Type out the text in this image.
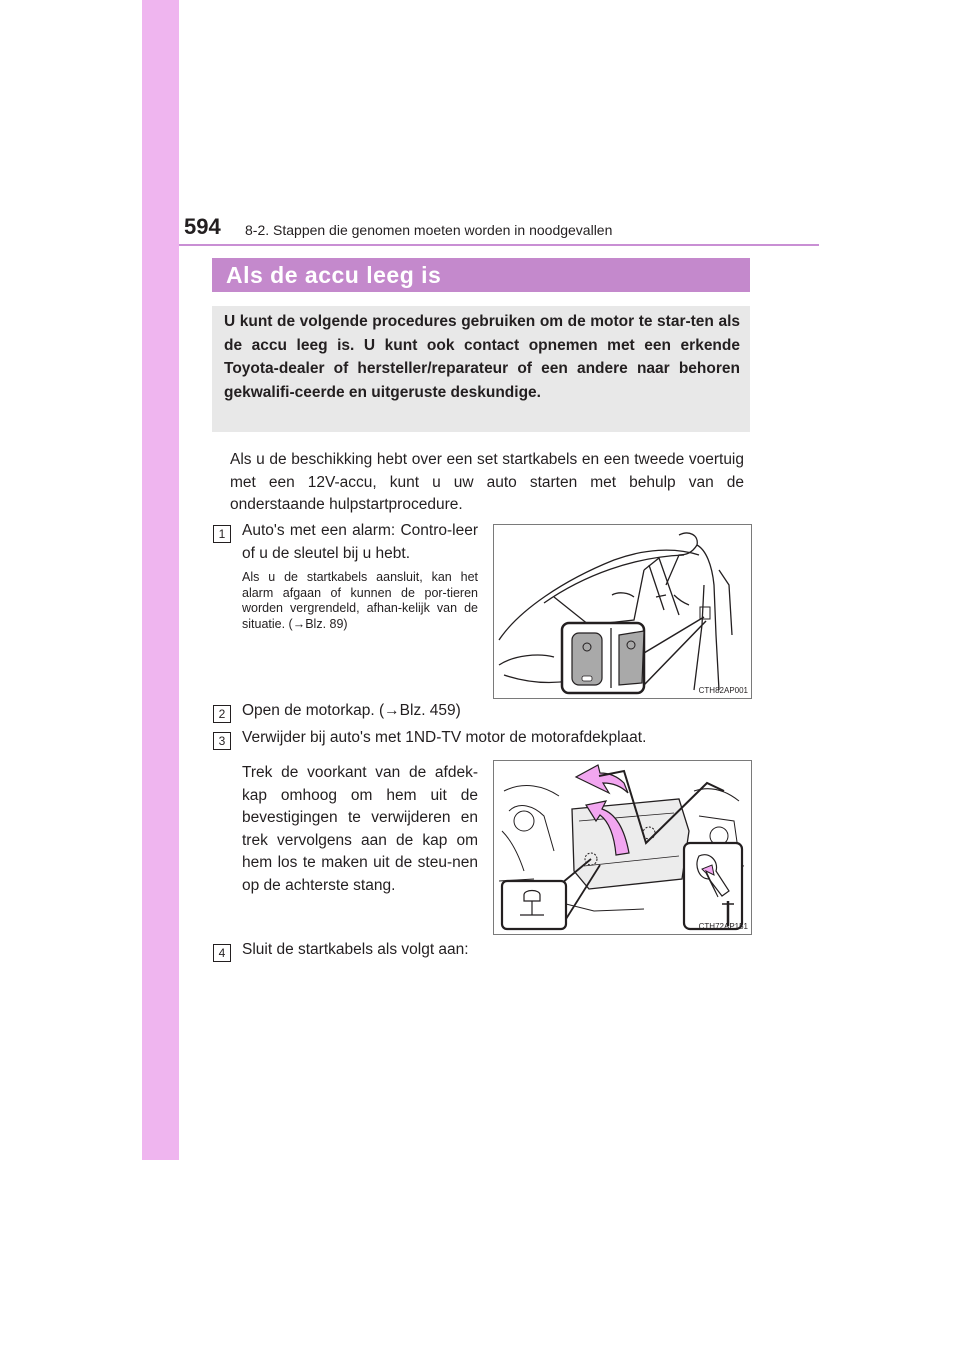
594 8-2. Stappen die genomen moeten worden in noodgevallen
Als de accu leeg is
U kunt de volgende procedures gebruiken om de motor te star-ten als de accu leeg is. U kunt ook contact opnemen met een erkende Toyota-dealer of hersteller/reparateur of een andere naar behoren gekwalifi-ceerde en uitgeruste deskundige.
Als u de beschikking hebt over een set startkabels en een tweede voertuig met een 12V-accu, kunt u uw auto starten met behulp van de onderstaande hulpstartprocedure.
1	Auto's met een alarm: Contro-leer of u de sleutel bij u hebt.
Als u de startkabels aansluit, kan het alarm afgaan of kunnen de por-tieren worden vergrendeld, afhan-kelijk van de situatie. (→Blz. 89)
CTH82AP001
2	Open de motorkap. (→Blz. 459)
3	Verwijder bij auto's met 1ND-TV motor de motorafdekplaat.
Trek de voorkant van de afdek-kap omhoog om hem uit de bevestigingen te verwijderen en trek vervolgens aan de kap om hem los te maken uit de steu-nen op de achterste stang.
CTH72AP151
4	Sluit de startkabels als volgt aan:
